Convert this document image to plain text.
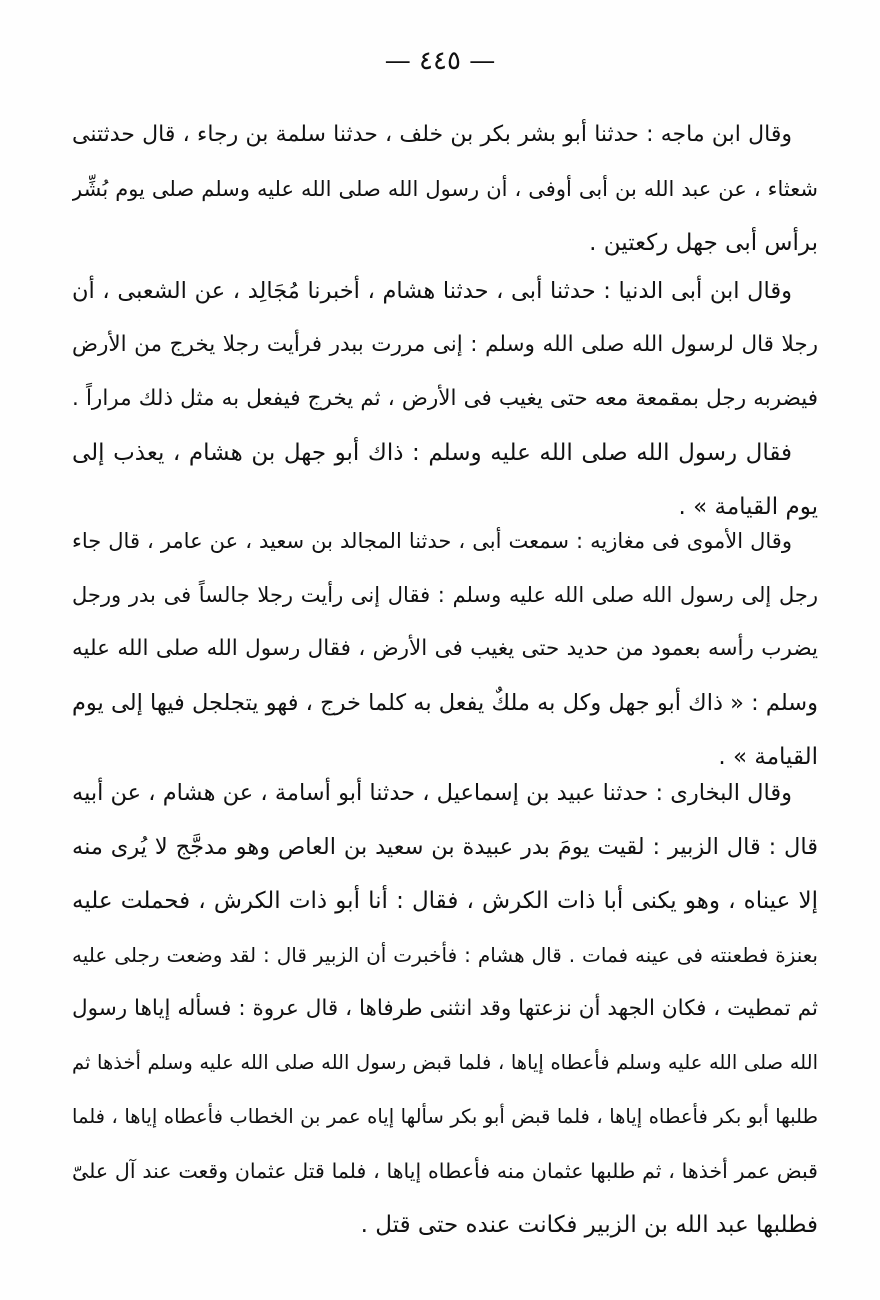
— ٤٤٥ —
وقال ابن ماجه : حدثنا أبو بشر بكر بن خلف ، حدثنا سلمة بن رجاء ، قال حدثتنى
شعثاء ، عن عبد الله بن أبى أوفى ، أن رسول الله صلى الله عليه وسلم صلى يوم بُشِّر
برأس أبى جهل ركعتين .
وقال ابن أبى الدنيا : حدثنا أبى ، حدثنا هشام ، أخبرنا مُجَالِد ، عن الشعبى ، أن
رجلا قال لرسول الله صلى الله وسلم : إنى مررت ببدر فرأيت رجلا يخرج من الأرض
فيضربه رجل بمقمعة معه حتى يغيب فى الأرض ، ثم يخرج فيفعل به مثل ذلك مراراً .
فقال رسول الله صلى الله عليه وسلم : ذاك أبو جهل بن هشام ، يعذب إلى
يوم القيامة » .
وقال الأموى فى مغازيه : سمعت أبى ، حدثنا المجالد بن سعيد ، عن عامر ، قال جاء
رجل إلى رسول الله صلى الله عليه وسلم : فقال إنى رأيت رجلا جالساً فى بدر ورجل
يضرب رأسه بعمود من حديد حتى يغيب فى الأرض ، فقال رسول الله صلى الله عليه
وسلم : « ذاك أبو جهل وكل به ملكٌ يفعل به كلما خرج ، فهو يتجلجل فيها إلى يوم
القيامة » .
وقال البخارى : حدثنا عبيد بن إسماعيل ، حدثنا أبو أسامة ، عن هشام ، عن أبيه
قال : قال الزبير : لقيت يومَ بدر عبيدة بن سعيد بن العاص وهو مدجَّج لا يُرى منه
إلا عيناه ، وهو يكنى أبا ذات الكرش ، فقال : أنا أبو ذات الكرش ، فحملت عليه
بعنزة فطعنته فى عينه فمات . قال هشام : فأخبرت أن الزبير قال : لقد وضعت رجلى عليه
ثم تمطيت ، فكان الجهد أن نزعتها وقد انثنى طرفاها ، قال عروة : فسأله إياها رسول
الله صلى الله عليه وسلم فأعطاه إياها ، فلما قبض رسول الله صلى الله عليه وسلم أخذها ثم
طلبها أبو بكر فأعطاه إياها ، فلما قبض أبو بكر سألها إياه عمر بن الخطاب فأعطاه إياها ، فلما
قبض عمر أخذها ، ثم طلبها عثمان منه فأعطاه إياها ، فلما قتل عثمان وقعت عند آل علىّ
فطلبها عبد الله بن الزبير فكانت عنده حتى قتل .
